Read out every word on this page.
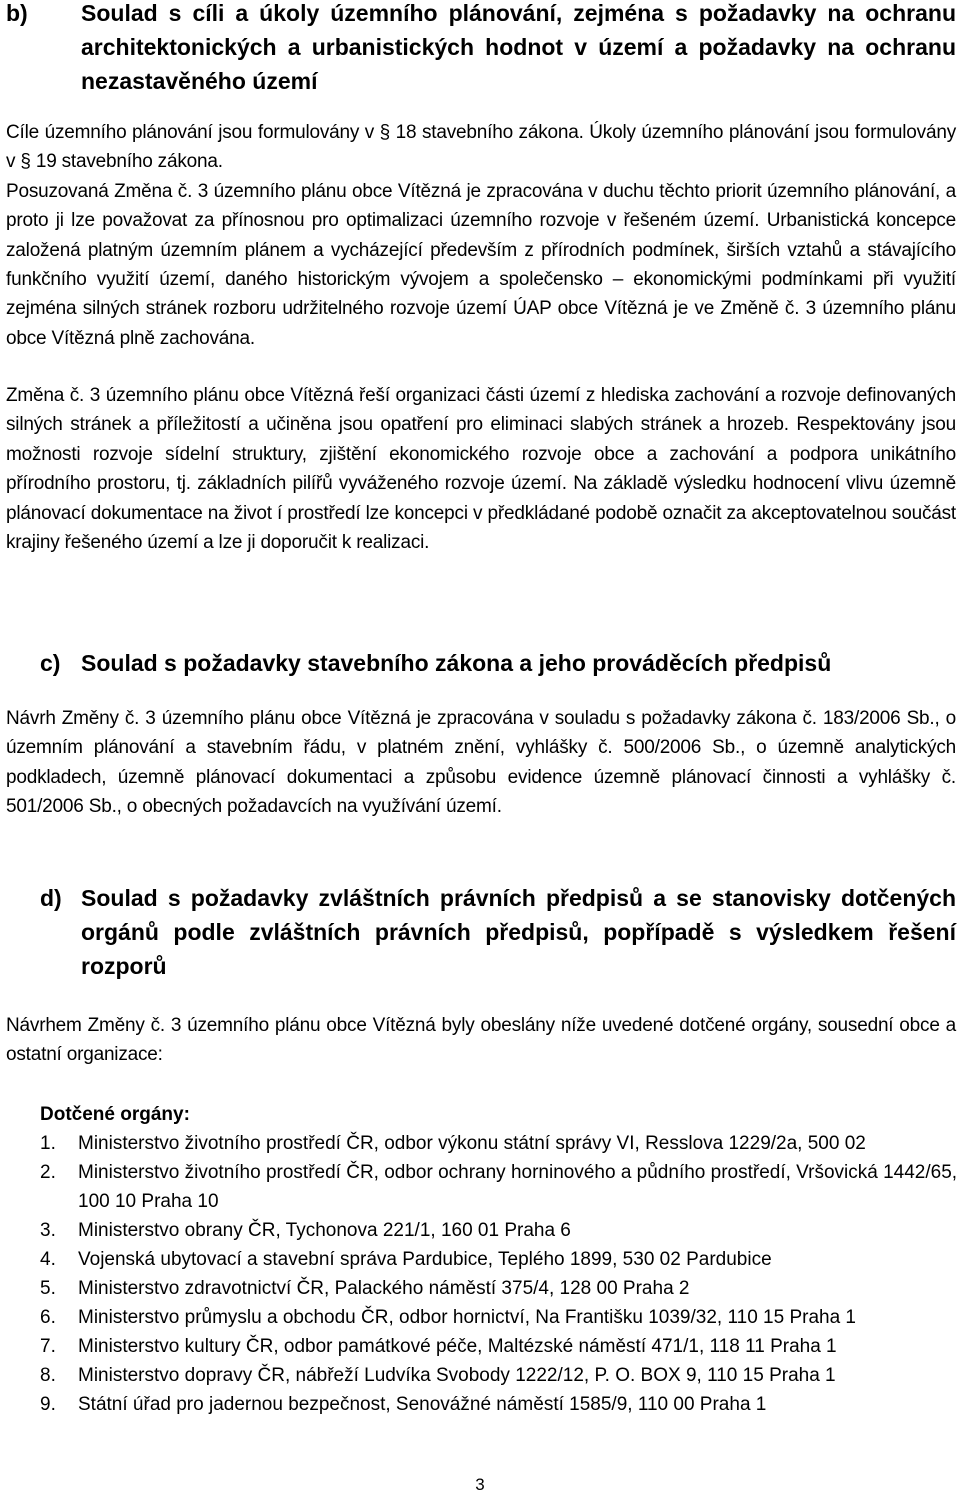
b)	Soulad s cíli a úkoly územního plánování, zejména s požadavky na ochranu architektonických a urbanistických hodnot v území a požadavky na ochranu nezastavěného území

Cíle územního plánování jsou formulovány v § 18 stavebního zákona. Úkoly územního plánování jsou formulovány v § 19 stavebního zákona.

Posuzovaná Změna č. 3 územního plánu obce Vítězná je zpracována v duchu těchto priorit územního plánování, a proto ji lze považovat za přínosnou pro optimalizaci územního rozvoje v řešeném území. Urbanistická koncepce založená platným územním plánem a vycházející především z přírodních podmínek, širších vztahů a stávajícího funkčního využití území, daného historickým vývojem a společensko – ekonomickými podmínkami při využití zejména silných stránek rozboru udržitelného rozvoje území ÚAP obce Vítězná je ve Změně č. 3 územního plánu obce Vítězná plně zachována.

Změna č. 3 územního plánu obce Vítězná řeší organizaci části území z hlediska zachování a rozvoje definovaných silných stránek a příležitostí a učiněna jsou opatření pro eliminaci slabých stránek a hrozeb. Respektovány jsou možnosti rozvoje sídelní struktury, zjištění ekonomického rozvoje obce a zachování a podpora unikátního přírodního prostoru, tj. základních pilířů vyváženého rozvoje území. Na základě výsledku hodnocení vlivu územně plánovací dokumentace na život í prostředí lze koncepci v předkládané podobě označit za akceptovatelnou součást krajiny řešeného území a lze ji doporučit k realizaci.

c) Soulad s požadavky stavebního zákona a jeho prováděcích předpisů

Návrh Změny č. 3 územního plánu obce Vítězná je zpracována v souladu s požadavky zákona č. 183/2006 Sb., o územním plánování a stavebním řádu, v platném znění, vyhlášky č. 500/2006 Sb., o územně analytických podkladech, územně plánovací dokumentaci a způsobu evidence územně plánovací činnosti a vyhlášky č. 501/2006 Sb., o obecných požadavcích na využívání území.

d) Soulad s požadavky zvláštních právních předpisů a se stanovisky dotčených orgánů podle zvláštních právních předpisů, popřípadě s výsledkem řešení rozporů

Návrhem Změny č. 3 územního plánu obce Vítězná byly obeslány níže uvedené dotčené orgány, sousední obce a ostatní organizace:

Dotčené orgány:
1.	Ministerstvo životního prostředí ČR, odbor výkonu státní správy VI, Resslova 1229/2a, 500 02
2.	Ministerstvo životního prostředí ČR, odbor ochrany horninového a půdního prostředí, Vršovická 1442/65, 100 10 Praha 10
3.	Ministerstvo obrany ČR, Tychonova 221/1, 160 01 Praha 6
4.	Vojenská ubytovací a stavební správa Pardubice, Teplého 1899, 530 02 Pardubice
5.	Ministerstvo zdravotnictví ČR, Palackého náměstí 375/4, 128 00 Praha 2
6.	Ministerstvo průmyslu a obchodu ČR, odbor hornictví, Na Františku 1039/32, 110 15 Praha 1
7.	Ministerstvo kultury ČR, odbor památkové péče, Maltézské náměstí 471/1, 118 11 Praha 1
8.	Ministerstvo dopravy ČR, nábřeží Ludvíka Svobody 1222/12, P. O. BOX 9, 110 15 Praha 1
9.	Státní úřad pro jadernou bezpečnost, Senovážné náměstí 1585/9, 110 00 Praha 1
3
